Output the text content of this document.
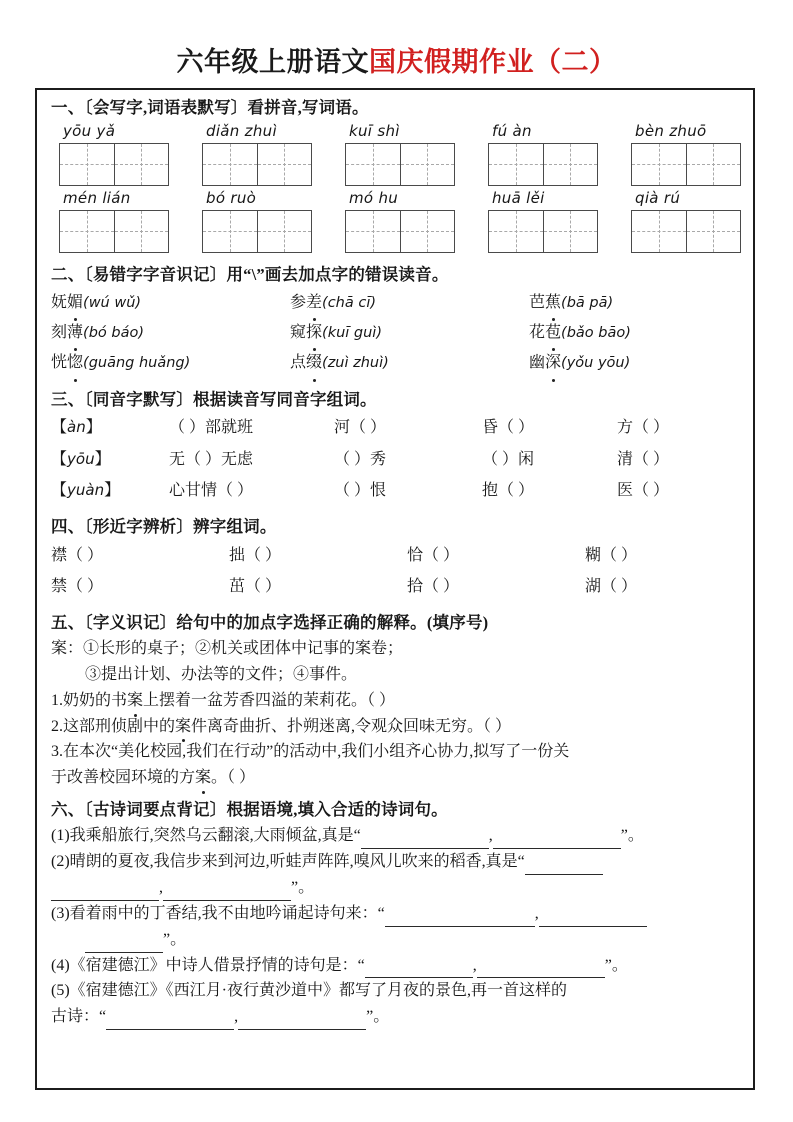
六年级上册语文国庆假期作业（二）

一、〔会写字,词语表默写〕看拼音,写词语。

yōu yǎ	diǎn zhuì	kuī shì	fú àn	bèn zhuō
mén lián	bó ruò	mó hu	huā lěi	qià rú

二、〔易错字字音识记〕用“\”画去加点字的错误读音。

妩媚(wú wǔ)	参差(chā cī)	芭蕉(bā pā)
刻薄(bó báo)	窥探(kuī guì)	花苞(bǎo bāo)
恍惚(guāng huǎng)	点缀(zuì zhuì)	幽深(yǒu yōu)

三、〔同音字默写〕根据读音写同音字组词。

【àn】	（ ）部就班	河（ ）	昏（ ）	方（ ）
【yōu】	无（ ）无虑	（ ）秀	（ ）闲	清（ ）
【yuàn】	心甘情（ ）	（ ）恨	抱（ ）	医（ ）

四、〔形近字辨析〕辨字组词。

襟（ ）	拙（ ）	恰（ ）	糊（ ）
禁（ ）	茁（ ）	拾（ ）	湖（ ）

五、〔字义识记〕给句中的加点字选择正确的解释。(填序号)

案：①长形的桌子；②机关或团体中记事的案卷；

③提出计划、办法等的文件；④事件。

1.奶奶的书案上摆着一盆芳香四溢的茉莉花。（ ）

2.这部刑侦剧中的案件离奇曲折、扑朔迷离,令观众回味无穷。（ ）

3.在本次“美化校园,我们在行动”的活动中,我们小组齐心协力,拟写了一份关

于改善校园环境的方案。（ ）

六、〔古诗词要点背记〕根据语境,填入合适的诗词句。

(1)我乘船旅行,突然乌云翻滚,大雨倾盆,真是“	,	”。

(2)晴朗的夏夜,我信步来到河边,听蛙声阵阵,嗅风儿吹来的稻香,真是“
,	”。

(3)看着雨中的丁香结,我不由地吟诵起诗句来：“	,
”。

(4)《宿建德江》中诗人借景抒情的诗句是：“	,	”。

(5)《宿建德江》《西江月·夜行黄沙道中》都写了月夜的景色,再一首这样的

古诗：“	,	”。
